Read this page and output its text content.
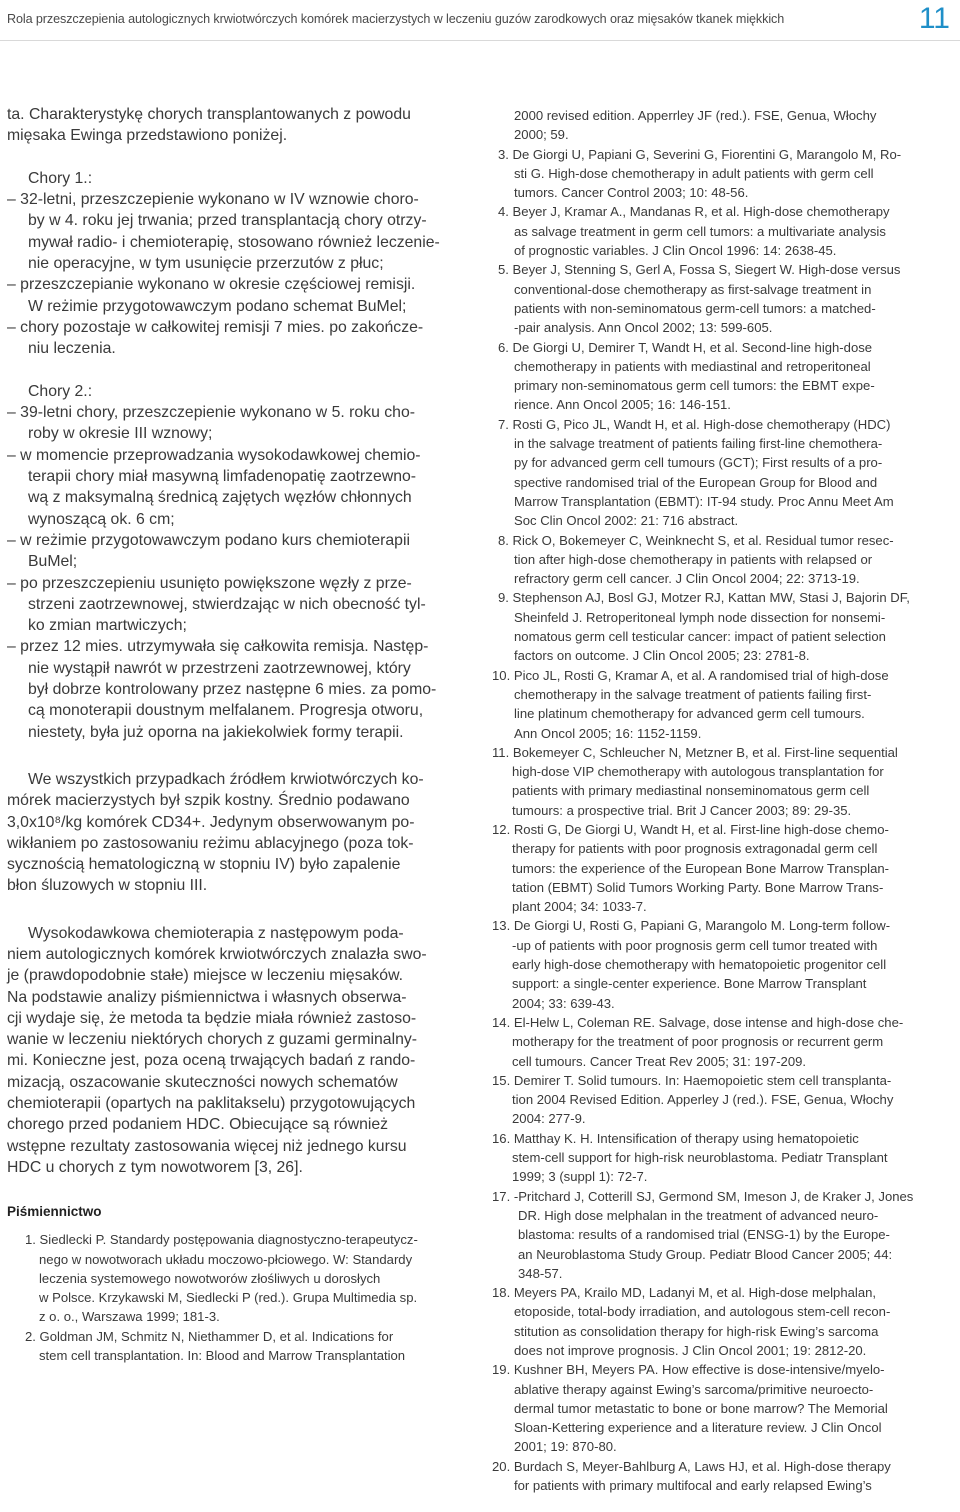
Rola przeszczepienia autologicznych krwiotwórczych komórek macierzystych w leczeniu guzów zarodkowych oraz mięsaków tkanek miękkich	11
ta. Charakterystykę chorych transplantowanych z powodu
mięsaka Ewinga przedstawiono poniżej.
Chory 1.:
– 32-letni, przeszczepienie wykonano w IV wznowie choro-
by w 4. roku jej trwania; przed transplantacją chory otrzy-
mywał radio- i chemioterapię, stosowano również leczenie-
nie operacyjne, w tym usunięcie przerzutów z płuc;
– przeszczepianie wykonano w okresie częściowej remisji.
W reżimie przygotowawczym podano schemat BuMel;
– chory pozostaje w całkowitej remisji 7 mies. po zakończe-
niu leczenia.
Chory 2.:
– 39-letni chory, przeszczepienie wykonano w 5. roku cho-
roby w okresie III wznowy;
– w momencie przeprowadzania wysokodawkowej chemio-
terapii chory miał masywną limfadenopatię zaotrzewno-
wą z maksymalną średnicą zajętych węzłów chłonnych
wynoszącą ok. 6 cm;
– w reżimie przygotowawczym podano kurs chemioterapii
BuMel;
– po przeszczepieniu usunięto powiększone węzły z prze-
strzeni zaotrzewnowej, stwierdzając w nich obecność tyl-
ko zmian martwiczych;
– przez 12 mies. utrzymywała się całkowita remisja. Następ-
nie wystąpił nawrót w przestrzeni zaotrzewnowej, który
był dobrze kontrolowany przez następne 6 mies. za pomo-
cą monoterapii doustnym melfalanem. Progresja otworu,
niestety, była już oporna na jakiekolwiek formy terapii.
We wszystkich przypadkach źródłem krwiotwórczych ko-
mórek macierzystych był szpik kostny. Średnio podawano
3,0x10⁸/kg komórek CD34+. Jedynym obserwowanym po-
wikłaniem po zastosowaniu reżimu ablacyjnego (poza tok-
sycznością hematologiczną w stopniu IV) było zapalenie
błon śluzowych w stopniu III.
Wysokodawkowa chemioterapia z następowym poda-
niem autologicznych komórek krwiotwórczych znalazła swo-
je (prawdopodobnie stałe) miejsce w leczeniu mięsaków.
Na podstawie analizy piśmiennictwa i własnych obserwa-
cji wydaje się, że metoda ta będzie miała również zastoso-
wanie w leczeniu niektórych chorych z guzami germinalny-
mi. Konieczne jest, poza oceną trwających badań z rando-
mizacją, oszacowanie skuteczności nowych schematów
chemioterapii (opartych na paklitakselu) przygotowujących
chorego przed podaniem HDC. Obiecujące są również
wstępne rezultaty zastosowania więcej niż jednego kursu
HDC u chorych z tym nowotworem [3, 26].
Piśmiennictwo
1. Siedlecki P. Standardy postępowania diagnostyczno-terapeutycz-
nego w nowotworach układu moczowo-płciowego. W: Standardy
leczenia systemowego nowotworów złośliwych u dorosłych
w Polsce. Krzykawski M, Siedlecki P (red.). Grupa Multimedia sp.
z o. o., Warszawa 1999; 181-3.
2. Goldman JM, Schmitz N, Niethammer D, et al. Indications for
stem cell transplantation. In: Blood and Marrow Transplantation
2000 revised edition. Apperrley JF (red.). FSE, Genua, Włochy
2000; 59.
3. De Giorgi U, Papiani G, Severini G, Fiorentini G, Marangolo M, Ro-
sti G. High-dose chemotherapy in adult patients with germ cell
tumors. Cancer Control 2003; 10: 48-56.
4. Beyer J, Kramar A., Mandanas R, et al. High-dose chemotherapy
as salvage treatment in germ cell tumors: a multivariate analysis
of prognostic variables. J Clin Oncol 1996: 14: 2638-45.
5. Beyer J, Stenning S, Gerl A, Fossa S, Siegert W. High-dose versus
conventional-dose chemotherapy as first-salvage treatment in
patients with non-seminomatous germ-cell tumors: a matched-
-pair analysis. Ann Oncol 2002; 13: 599-605.
6. De Giorgi U, Demirer T, Wandt H, et al. Second-line high-dose
chemotherapy in patients with mediastinal and retroperitoneal
primary non-seminomatous germ cell tumors: the EBMT expe-
rience. Ann Oncol 2005; 16: 146-151.
7. Rosti G, Pico JL, Wandt H, et al. High-dose chemotherapy (HDC)
in the salvage treatment of patients failing first-line chemothera-
py for advanced germ cell tumours (GCT); First results of a pro-
spective randomised trial of the European Group for Blood and
Marrow Transplantation (EBMT): IT-94 study. Proc Annu Meet Am
Soc Clin Oncol 2002: 21: 716 abstract.
8. Rick O, Bokemeyer C, Weinknecht S, et al. Residual tumor resec-
tion after high-dose chemotherapy in patients with relapsed or
refractory germ cell cancer. J Clin Oncol 2004; 22: 3713-19.
9. Stephenson AJ, Bosl GJ, Motzer RJ, Kattan MW, Stasi J, Bajorin DF,
Sheinfeld J. Retroperitoneal lymph node dissection for nonsemi-
nomatous germ cell testicular cancer: impact of patient selection
factors on outcome. J Clin Oncol 2005; 23: 2781-8.
10. Pico JL, Rosti G, Kramar A, et al. A randomised trial of high-dose
chemotherapy in the salvage treatment of patients failing first-
line platinum chemotherapy for advanced germ cell tumours.
Ann Oncol 2005; 16: 1152-1159.
11. Bokemeyer C, Schleucher N, Metzner B, et al. First-line sequential
high-dose VIP chemotherapy with autologous transplantation for
patients with primary mediastinal nonseminomatous germ cell
tumours: a prospective trial. Brit J Cancer 2003; 89: 29-35.
12. Rosti G, De Giorgi U, Wandt H, et al. First-line high-dose chemo-
therapy for patients with poor prognosis extragonadal germ cell
tumors: the experience of the European Bone Marrow Transplan-
tation (EBMT) Solid Tumors Working Party. Bone Marrow Trans-
plant 2004; 34: 1033-7.
13. De Giorgi U, Rosti G, Papiani G, Marangolo M. Long-term follow-
-up of patients with poor prognosis germ cell tumor treated with
early high-dose chemotherapy with hematopoietic progenitor cell
support: a single-center experience. Bone Marrow Transplant
2004; 33: 639-43.
14. El-Helw L, Coleman RE. Salvage, dose intense and high-dose che-
motherapy for the treatment of poor prognosis or recurrent germ
cell tumours. Cancer Treat Rev 2005; 31: 197-209.
15. Demirer T. Solid tumours. In: Haemopoietic stem cell transplanta-
tion 2004 Revised Edition. Apperley J (red.). FSE, Genua, Włochy
2004: 277-9.
16. Matthay K. H. Intensification of therapy using hematopoietic
stem-cell support for high-risk neuroblastoma. Pediatr Transplant
1999; 3 (suppl 1): 72-7.
17. -Pritchard J, Cotterill SJ, Germond SM, Imeson J, de Kraker J, Jones
DR. High dose melphalan in the treatment of advanced neuro-
blastoma: results of a randomised trial (ENSG-1) by the Europe-
an Neuroblastoma Study Group. Pediatr Blood Cancer 2005; 44:
348-57.
18. Meyers PA, Krailo MD, Ladanyi M, et al. High-dose melphalan,
etoposide, total-body irradiation, and autologous stem-cell recon-
stitution as consolidation therapy for high-risk Ewing’s sarcoma
does not improve prognosis. J Clin Oncol 2001; 19: 2812-20.
19. Kushner BH, Meyers PA. How effective is dose-intensive/myelo-
ablative therapy against Ewing’s sarcoma/primitive neuroecto-
dermal tumor metastatic to bone or bone marrow? The Memorial
Sloan-Kettering experience and a literature review. J Clin Oncol
2001; 19: 870-80.
20. Burdach S, Meyer-Bahlburg A, Laws HJ, et al. High-dose therapy
for patients with primary multifocal and early relapsed Ewing’s
